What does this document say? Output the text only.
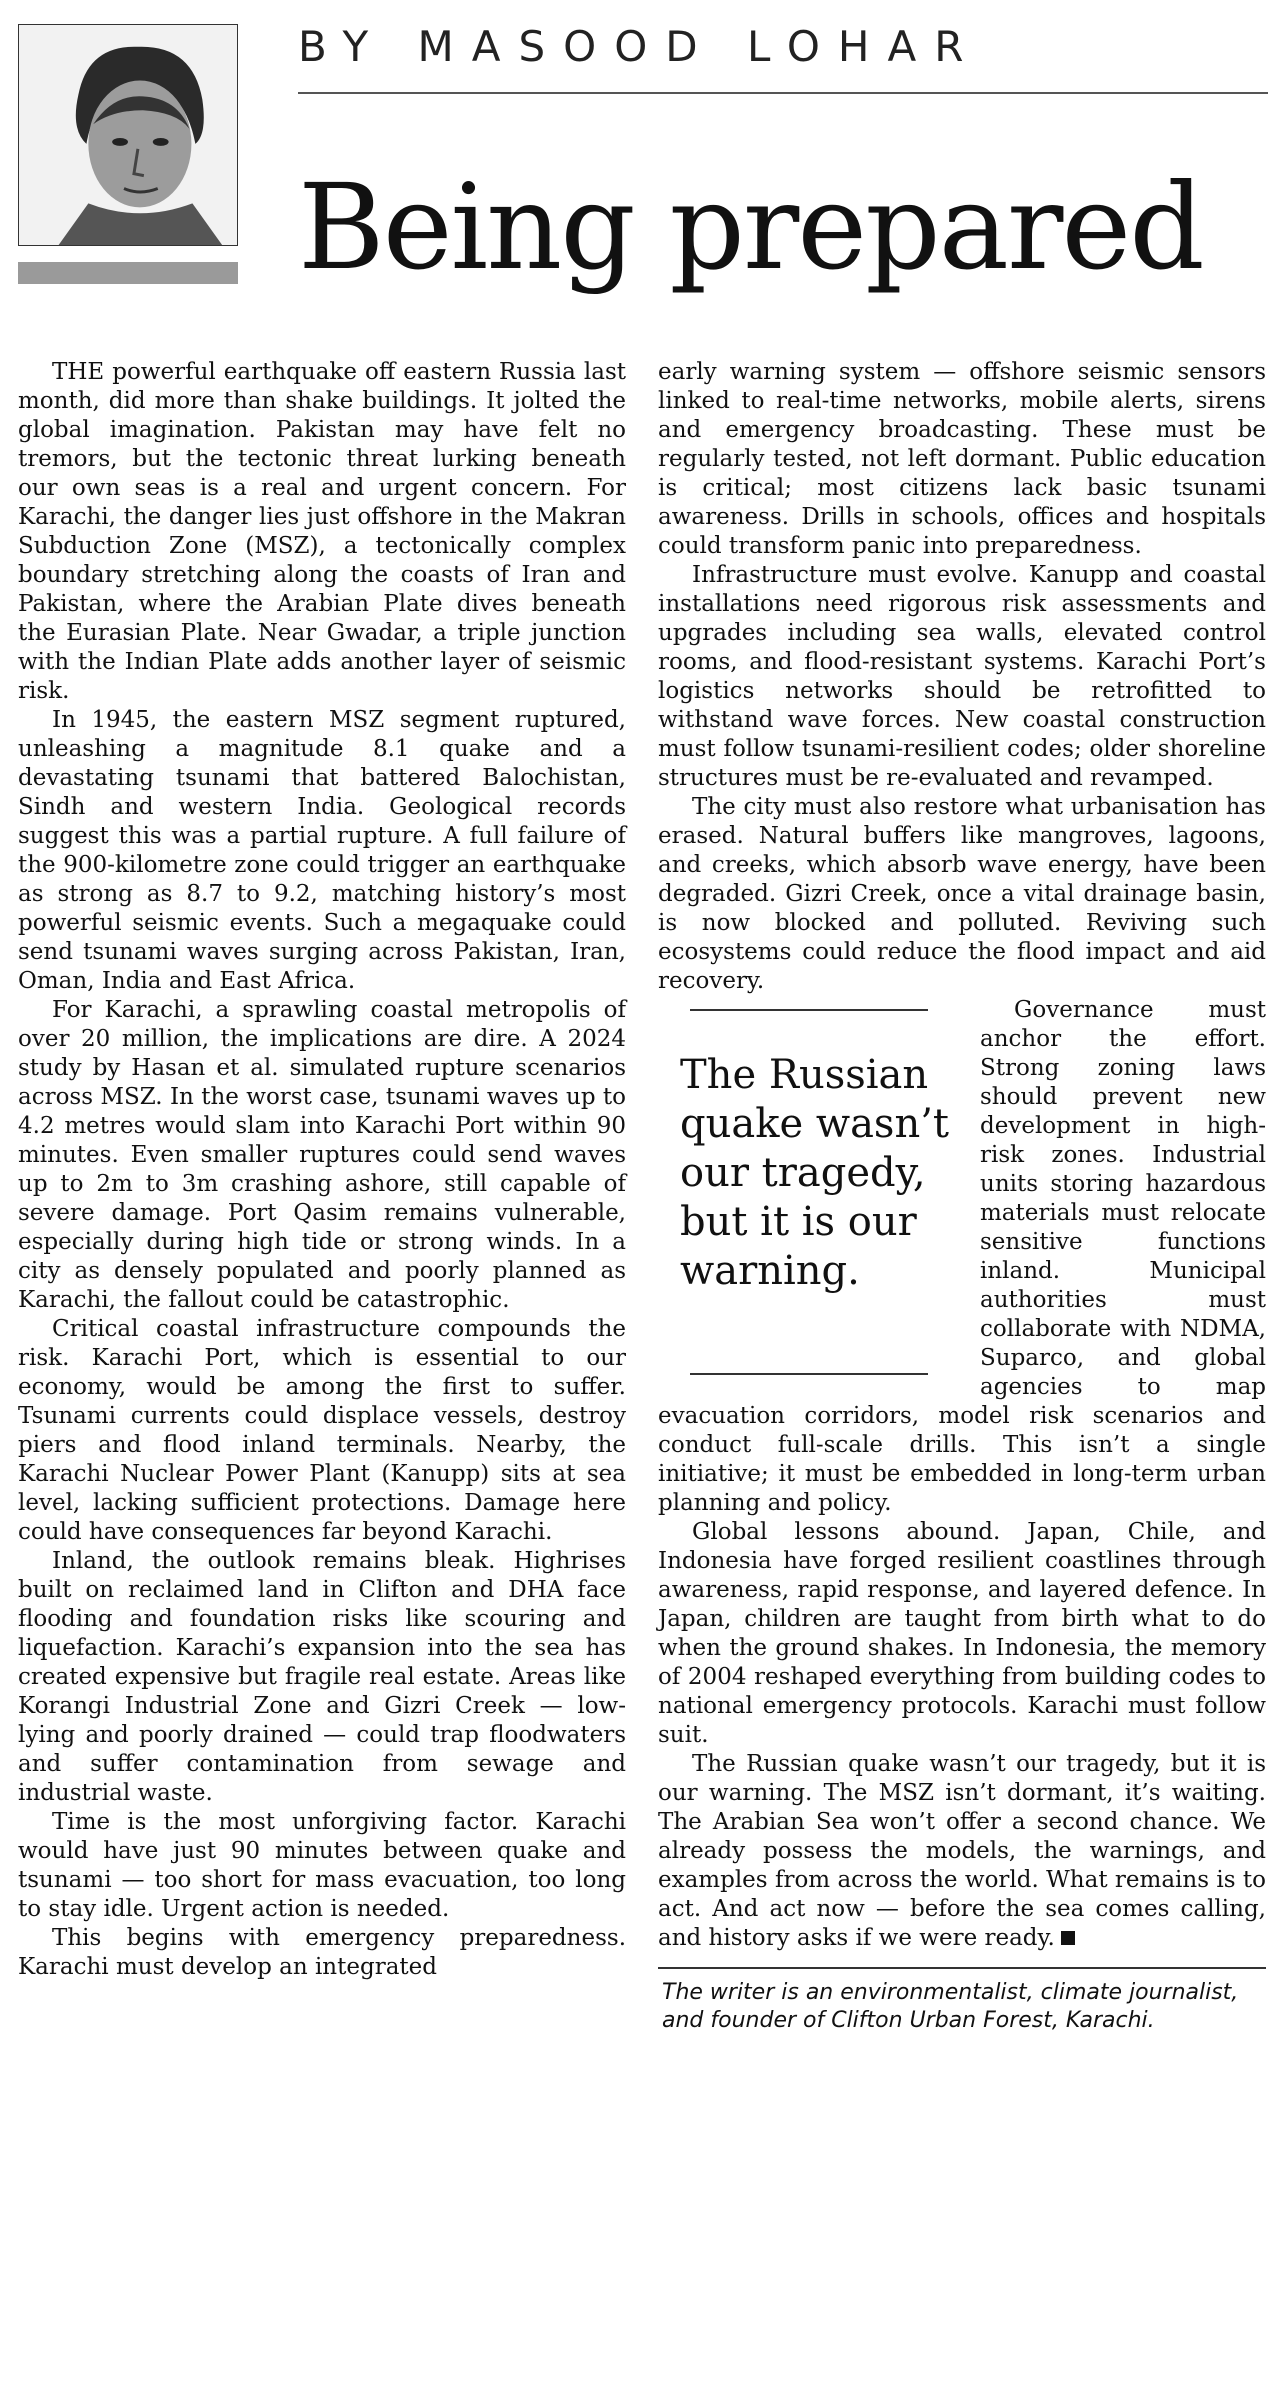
BY MASOOD LOHAR
Being prepared

THE powerful earthquake off eastern Russia last month, did more than shake buildings. It jolted the global imagination. Pakistan may have felt no tremors, but the tectonic threat lurking beneath our own seas is a real and urgent concern. For Karachi, the danger lies just offshore in the Makran Subduction Zone (MSZ), a tectonically complex boundary stretching along the coasts of Iran and Pakistan, where the Arabian Plate dives beneath the Eurasian Plate. Near Gwadar, a triple junction with the Indian Plate adds another layer of seismic risk.

In 1945, the eastern MSZ segment ruptured, unleashing a magnitude 8.1 quake and a devastating tsunami that battered Balochistan, Sindh and western India. Geological records suggest this was a partial rupture. A full failure of the 900-kilometre zone could trigger an earthquake as strong as 8.7 to 9.2, matching history’s most powerful seismic events. Such a megaquake could send tsunami waves surging across Pakistan, Iran, Oman, India and East Africa.

For Karachi, a sprawling coastal metropolis of over 20 million, the implications are dire. A 2024 study by Hasan et al. simulated rupture scenarios across MSZ. In the worst case, tsunami waves up to 4.2 metres would slam into Karachi Port within 90 minutes. Even smaller ruptures could send waves up to 2m to 3m crashing ashore, still capable of severe damage. Port Qasim remains vulnerable, especially during high tide or strong winds. In a city as densely populated and poorly planned as Karachi, the fallout could be catastrophic.

Critical coastal infrastructure compounds the risk. Karachi Port, which is essential to our economy, would be among the first to suffer. Tsunami currents could displace vessels, destroy piers and flood inland terminals. Nearby, the Karachi Nuclear Power Plant (Kanupp) sits at sea level, lacking sufficient protections. Damage here could have consequences far beyond Karachi.

Inland, the outlook remains bleak. Highrises built on reclaimed land in Clifton and DHA face flooding and foundation risks like scouring and liquefaction. Karachi’s expansion into the sea has created expensive but fragile real estate. Areas like Korangi Industrial Zone and Gizri Creek — low-lying and poorly drained — could trap floodwaters and suffer contamination from sewage and industrial waste.

Time is the most unforgiving factor. Karachi would have just 90 minutes between quake and tsunami — too short for mass evacuation, too long to stay idle. Urgent action is needed.

This begins with emergency preparedness. Karachi must develop an integrated

early warning system — offshore seismic sensors linked to real-time networks, mobile alerts, sirens and emergency broadcasting. These must be regularly tested, not left dormant. Public education is critical; most citizens lack basic tsunami awareness. Drills in schools, offices and hospitals could transform panic into preparedness.

Infrastructure must evolve. Kanupp and coastal installations need rigorous risk assessments and upgrades including sea walls, elevated control rooms, and flood-resistant systems. Karachi Port’s logistics networks should be retrofitted to withstand wave forces. New coastal construction must follow tsunami-resilient codes; older shoreline structures must be re-evaluated and revamped.

The city must also restore what urbanisation has erased. Natural buffers like mangroves, lagoons, and creeks, which absorb wave energy, have been degraded. Gizri Creek, once a vital drainage basin, is now blocked and polluted. Reviving such ecosystems could reduce the flood impact and aid recovery.

The Russian quake wasn’t our tragedy, but it is our warning.

Governance must anchor the effort. Strong zoning laws should prevent new development in high-risk zones. Industrial units storing hazardous materials must relocate sensitive functions inland. Municipal authorities must collaborate with NDMA, Suparco, and global agencies to map evacuation corridors, model risk scenarios and conduct full-scale drills. This isn’t a single initiative; it must be embedded in long-term urban planning and policy.

Global lessons abound. Japan, Chile, and Indonesia have forged resilient coastlines through awareness, rapid response, and layered defence. In Japan, children are taught from birth what to do when the ground shakes. In Indonesia, the memory of 2004 reshaped everything from building codes to national emergency protocols. Karachi must follow suit.

The Russian quake wasn’t our tragedy, but it is our warning. The MSZ isn’t dormant, it’s waiting. The Arabian Sea won’t offer a second chance. We already possess the models, the warnings, and examples from across the world. What remains is to act. And act now — before the sea comes calling, and history asks if we were ready.

The writer is an environmentalist, climate journalist, and founder of Clifton Urban Forest, Karachi.
